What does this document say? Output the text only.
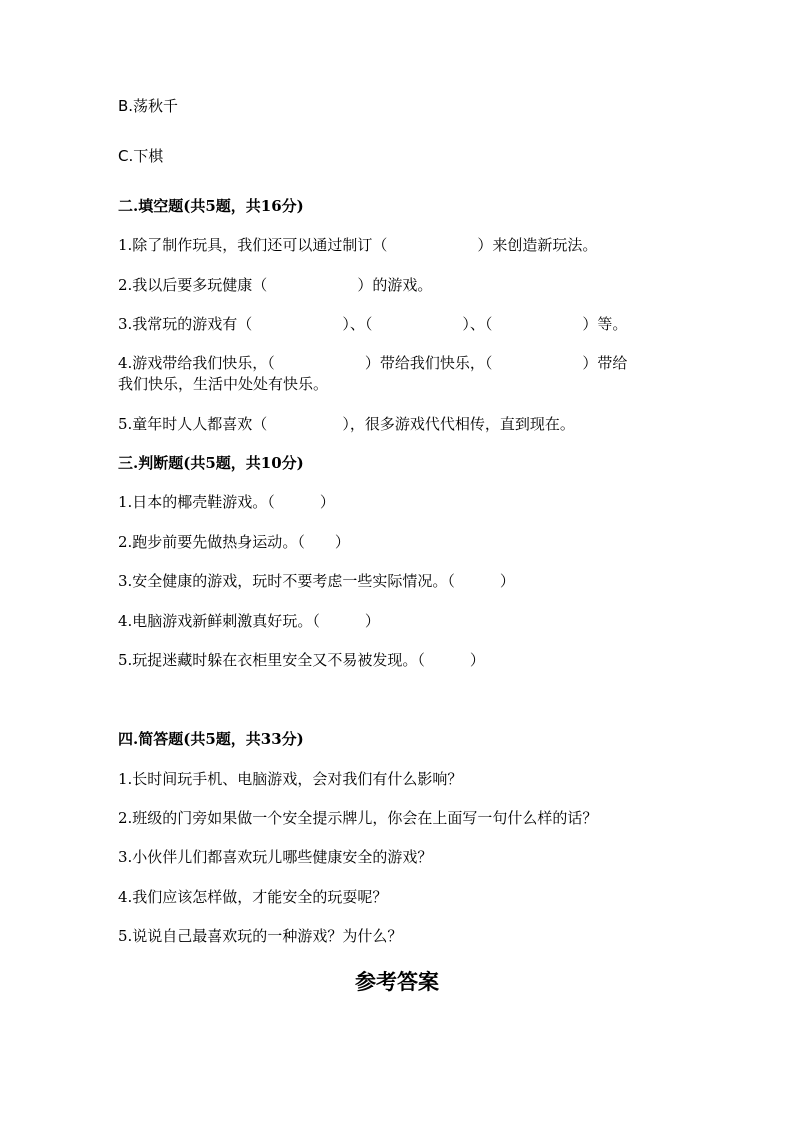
B.荡秋千

C.下棋

二.填空题(共5题，共16分)

1.除了制作玩具，我们还可以通过制订（　　　　　　）来创造新玩法。

2.我以后要多玩健康（　　　　　　）的游戏。

3.我常玩的游戏有（　　　　　　）、（　　　　　　）、（　　　　　　）等。

4.游戏带给我们快乐，（　　　　　　）带给我们快乐，（　　　　　　）带给

我们快乐，生活中处处有快乐。

5.童年时人人都喜欢（　　　　　），很多游戏代代相传，直到现在。

三.判断题(共5题，共10分)

1.日本的椰壳鞋游戏。（　　　）

2.跑步前要先做热身运动。（　　）

3.安全健康的游戏，玩时不要考虑一些实际情况。（　　　）

4.电脑游戏新鲜刺激真好玩。（　　　）

5.玩捉迷藏时躲在衣柜里安全又不易被发现。（　　　）

四.简答题(共5题，共33分)

1.长时间玩手机、电脑游戏，会对我们有什么影响？

2.班级的门旁如果做一个安全提示牌儿，你会在上面写一句什么样的话？

3.小伙伴儿们都喜欢玩儿哪些健康安全的游戏？

4.我们应该怎样做，才能安全的玩耍呢？

5.说说自己最喜欢玩的一种游戏？为什么？

参考答案
